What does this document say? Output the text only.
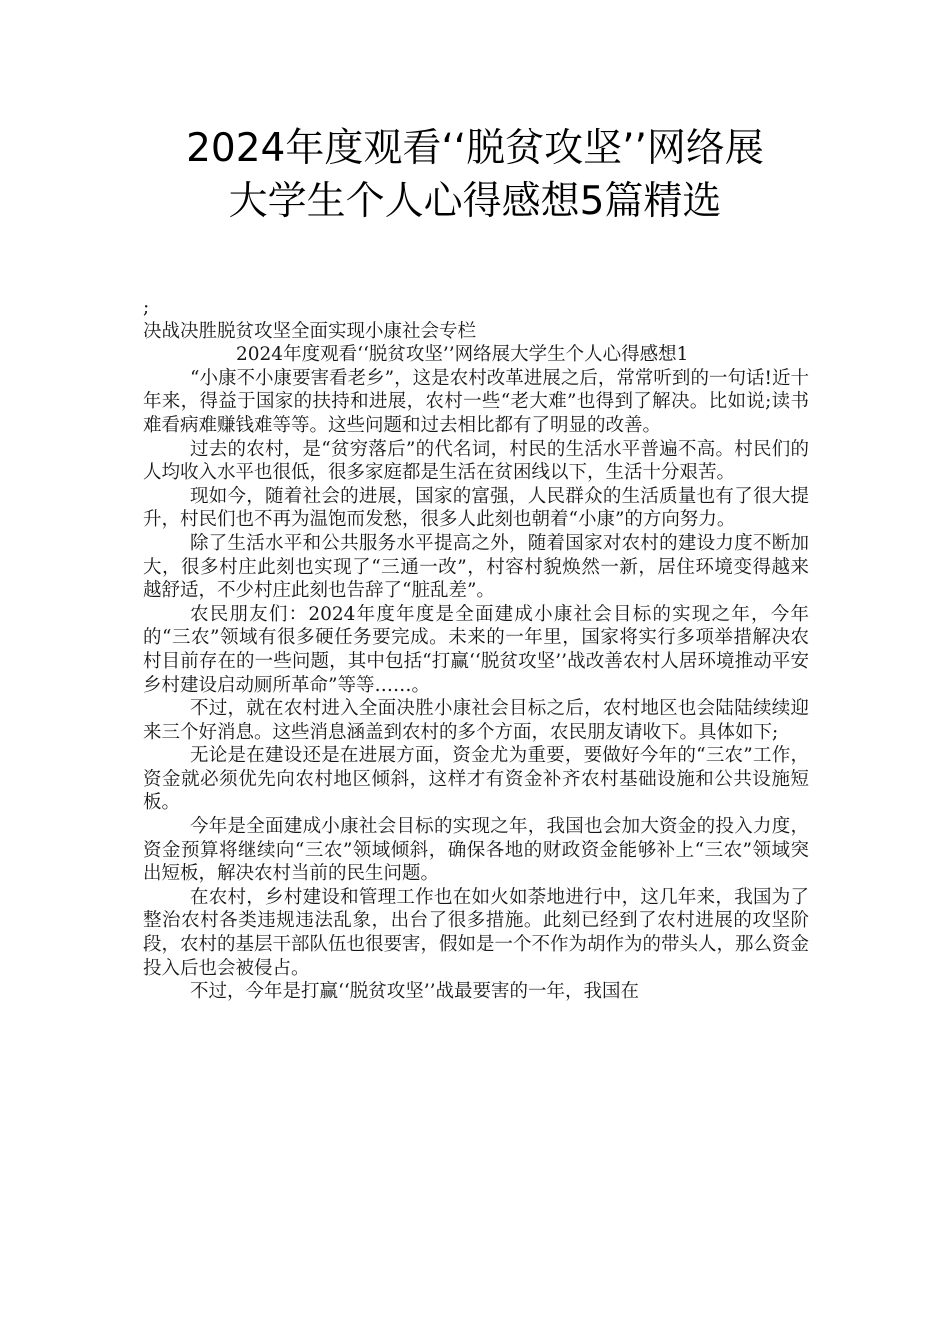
2024年度观看‘‘脱贫攻坚’’网络展
大学生个人心得感想5篇精选

;

决战决胜脱贫攻坚全面实现小康社会专栏

2024年度观看‘‘脱贫攻坚’’网络展大学生个人心得感想1

“小康不小康要害看老乡”，这是农村改革进展之后，常常听到的一句话!近十年来，得益于国家的扶持和进展，农村一些“老大难”也得到了解决。比如说;读书难看病难赚钱难等等。这些问题和过去相比都有了明显的改善。

过去的农村，是“贫穷落后”的代名词，村民的生活水平普遍不高。村民们的人均收入水平也很低，很多家庭都是生活在贫困线以下，生活十分艰苦。

现如今，随着社会的进展，国家的富强，人民群众的生活质量也有了很大提升，村民们也不再为温饱而发愁，很多人此刻也朝着“小康”的方向努力。

除了生活水平和公共服务水平提高之外，随着国家对农村的建设力度不断加大，很多村庄此刻也实现了“三通一改”，村容村貌焕然一新，居住环境变得越来越舒适，不少村庄此刻也告辞了“脏乱差”。

农民朋友们：2024年度年度是全面建成小康社会目标的实现之年，今年的“三农”领域有很多硬任务要完成。未来的一年里，国家将实行多项举措解决农村目前存在的一些问题，其中包括“打赢‘‘脱贫攻坚’’战改善农村人居环境推动平安乡村建设启动厕所革命”等等……。

不过，就在农村进入全面决胜小康社会目标之后，农村地区也会陆陆续续迎来三个好消息。这些消息涵盖到农村的多个方面，农民朋友请收下。具体如下;

无论是在建设还是在进展方面，资金尤为重要，要做好今年的“三农”工作，资金就必须优先向农村地区倾斜，这样才有资金补齐农村基础设施和公共设施短板。

今年是全面建成小康社会目标的实现之年，我国也会加大资金的投入力度，资金预算将继续向“三农”领域倾斜，确保各地的财政资金能够补上“三农”领域突出短板，解决农村当前的民生问题。

在农村，乡村建设和管理工作也在如火如荼地进行中，这几年来，我国为了整治农村各类违规违法乱象，出台了很多措施。此刻已经到了农村进展的攻坚阶段，农村的基层干部队伍也很要害，假如是一个不作为胡作为的带头人，那么资金投入后也会被侵占。

不过，今年是打赢‘‘脱贫攻坚’’战最要害的一年，我国在
